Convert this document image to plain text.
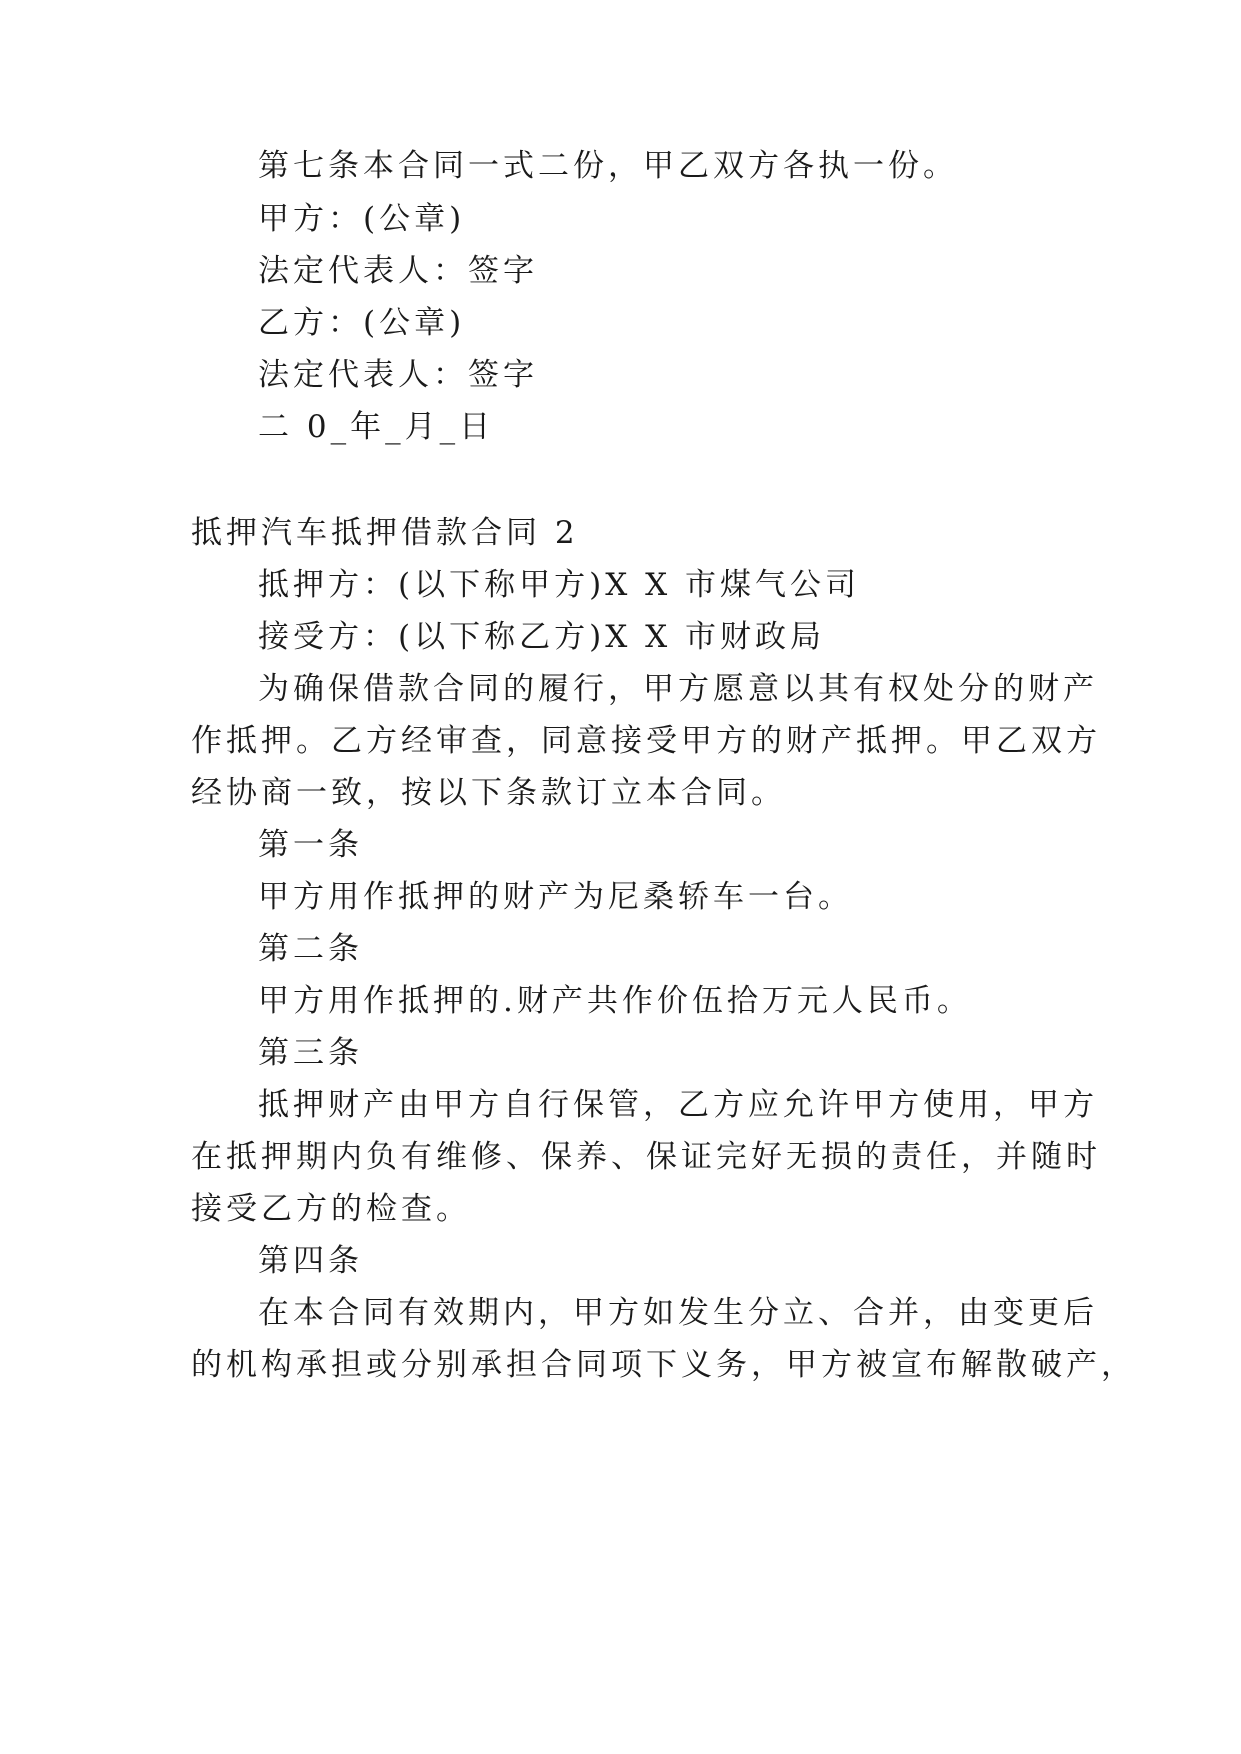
第七条本合同一式二份，甲乙双方各执一份。
甲方：(公章)
法定代表人：签字
乙方：(公章)
法定代表人：签字
二 0_年_月_日
抵押汽车抵押借款合同 2
抵押方：(以下称甲方)X X 市煤气公司
接受方：(以下称乙方)X X 市财政局
为确保借款合同的履行，甲方愿意以其有权处分的财产
作抵押。乙方经审查，同意接受甲方的财产抵押。甲乙双方
经协商一致，按以下条款订立本合同。
第一条
甲方用作抵押的财产为尼桑轿车一台。
第二条
甲方用作抵押的.财产共作价伍拾万元人民币。
第三条
抵押财产由甲方自行保管，乙方应允许甲方使用，甲方
在抵押期内负有维修、保养、保证完好无损的责任，并随时
接受乙方的检查。
第四条
在本合同有效期内，甲方如发生分立、合并，由变更后
的机构承担或分别承担合同项下义务，甲方被宣布解散破产，
